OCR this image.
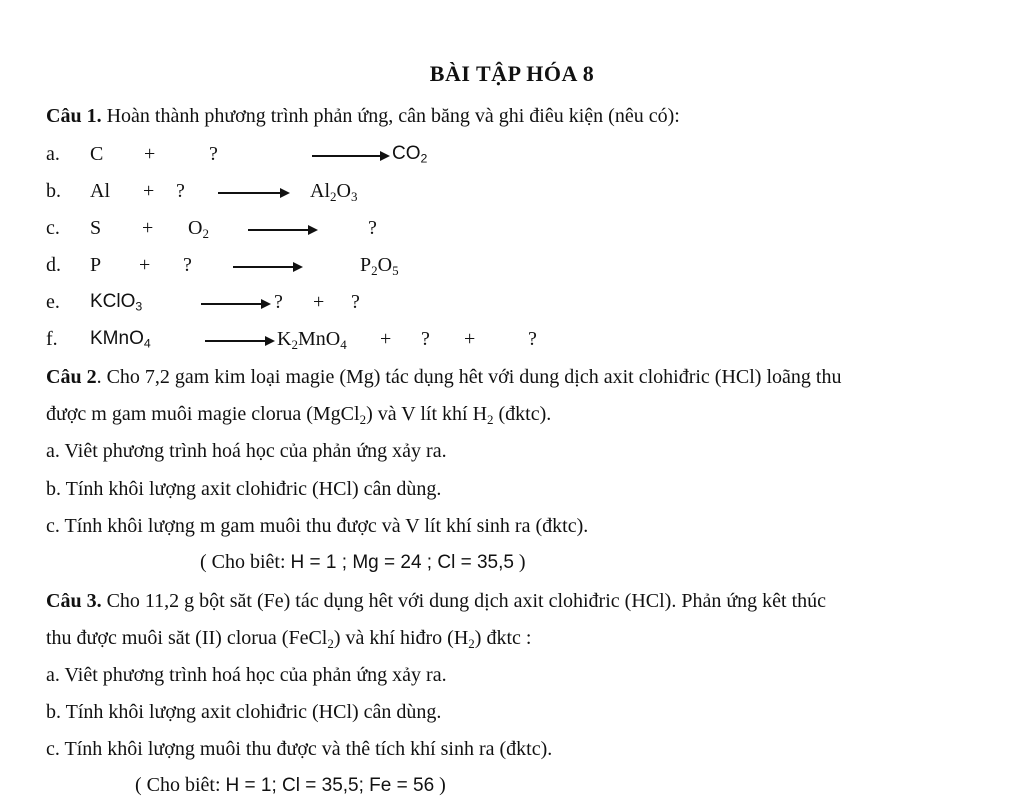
BÀI TẬP HÓA 8
Câu 1. Hoàn thành phương trình phản ứng, cân băng và ghi điêu kiện (nêu có):
a. C +	?	$CO_2$
b. Al + ?	$Al_2O_3$
c. $S + O_2$	?
d. P + ?	$P_2O_5$
e. KClO$_3$	? + ?
f. KMnO$_4$	$K_2MnO_4$ + ? +	?
Câu 2. Cho 7,2 gam kim loại magie (Mg) tác dụng hêt với dung dịch axit clohiđric (HCl) loãng thu
được m gam muôi magie clorua (MgCl$_2$) và V lít khí $H_2$ (đktc).
a. Viêt phương trình hoá học của phản ứng xảy ra.
b. Tính khôi lượng axit clohiđric (HCl) cân dùng.
c. Tính khôi lượng m gam muôi thu được và V lít khí sinh ra (đktc).
( Cho biêt: H = 1 ; Mg = 24 ; Cl = 35,5 )
Câu 3. Cho 11,2 g bột săt (Fe) tác dụng hêt với dung dịch axit clohiđric (HCl). Phản ứng kêt thúc
thu được muôi săt (II) clorua (FeCl$_2$) và khí hiđro $(H_2)$ đktc :
a. Viêt phương trình hoá học của phản ứng xảy ra.
b. Tính khôi lượng axit clohiđric (HCl) cân dùng.
c. Tính khôi lượng muôi thu được và thê tích khí sinh ra (đktc).
( Cho biêt: H = 1; Cl = 35,5; Fe = 56 )
